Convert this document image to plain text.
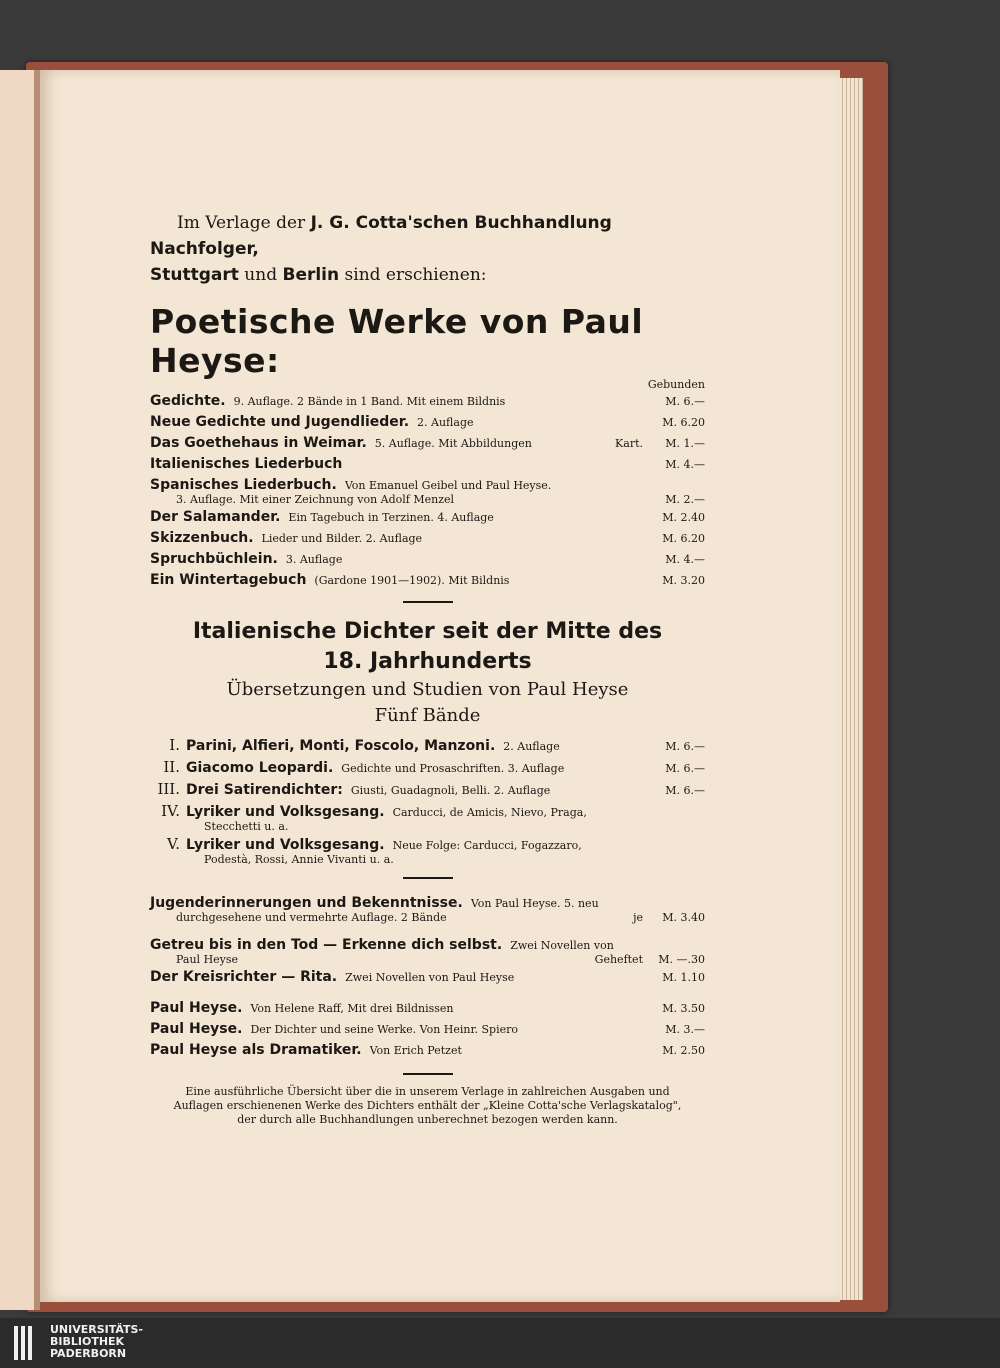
Im Verlage der J. G. Cotta'schen Buchhandlung Nachfolger,
Stuttgart und Berlin sind erschienen:

Poetische Werke von Paul Heyse:
Gebunden
Gedichte. 9. Auflage. 2 Bände in 1 Band. Mit einem Bildnis	M. 6.—
Neue Gedichte und Jugendlieder. 2. Auflage	M. 6.20
Das Goethehaus in Weimar. 5. Auflage. Mit Abbildungen	Kart.	M. 1.—
Italienisches Liederbuch	M. 4.—
Spanisches Liederbuch. Von Emanuel Geibel und Paul Heyse.
3. Auflage. Mit einer Zeichnung von Adolf Menzel	M. 2.—
Der Salamander. Ein Tagebuch in Terzinen. 4. Auflage	M. 2.40
Skizzenbuch. Lieder und Bilder. 2. Auflage	M. 6.20
Spruchbüchlein. 3. Auflage	M. 4.—
Ein Wintertagebuch (Gardone 1901—1902). Mit Bildnis	M. 3.20

Italienische Dichter seit der Mitte des
18. Jahrhunderts

Übersetzungen und Studien von Paul Heyse

Fünf Bände

I. Parini, Alfieri, Monti, Foscolo, Manzoni. 2. Auflage	M. 6.—
II. Giacomo Leopardi. Gedichte und Prosaschriften. 3. Auflage	M. 6.—
III. Drei Satirendichter: Giusti, Guadagnoli, Belli. 2. Auflage	M. 6.—
IV. Lyriker und Volksgesang. Carducci, de Amicis, Nievo, Praga,
Stecchetti u. a.
V. Lyriker und Volksgesang. Neue Folge: Carducci, Fogazzaro,
Podestà, Rossi, Annie Vivanti u. a.
Jugenderinnerungen und Bekenntnisse. Von Paul Heyse. 5. neu
durchgesehene und vermehrte Auflage. 2 Bände	je	M. 3.40
Getreu bis in den Tod — Erkenne dich selbst. Zwei Novellen von
Paul Heyse	Geheftet	M. —.30
Der Kreisrichter — Rita. Zwei Novellen von Paul Heyse	M. 1.10
Paul Heyse. Von Helene Raff, Mit drei Bildnissen	M. 3.50
Paul Heyse. Der Dichter und seine Werke. Von Heinr. Spiero	M. 3.—
Paul Heyse als Dramatiker. Von Erich Petzet	M. 2.50
Eine ausführliche Übersicht über die in unserem Verlage in zahlreichen Ausgaben und
Auflagen erschienenen Werke des Dichters enthält der „Kleine Cotta'sche Verlagskatalog",
der durch alle Buchhandlungen unberechnet bezogen werden kann.
UNIVERSITÄTS-
BIBLIOTHEK
PADERBORN
